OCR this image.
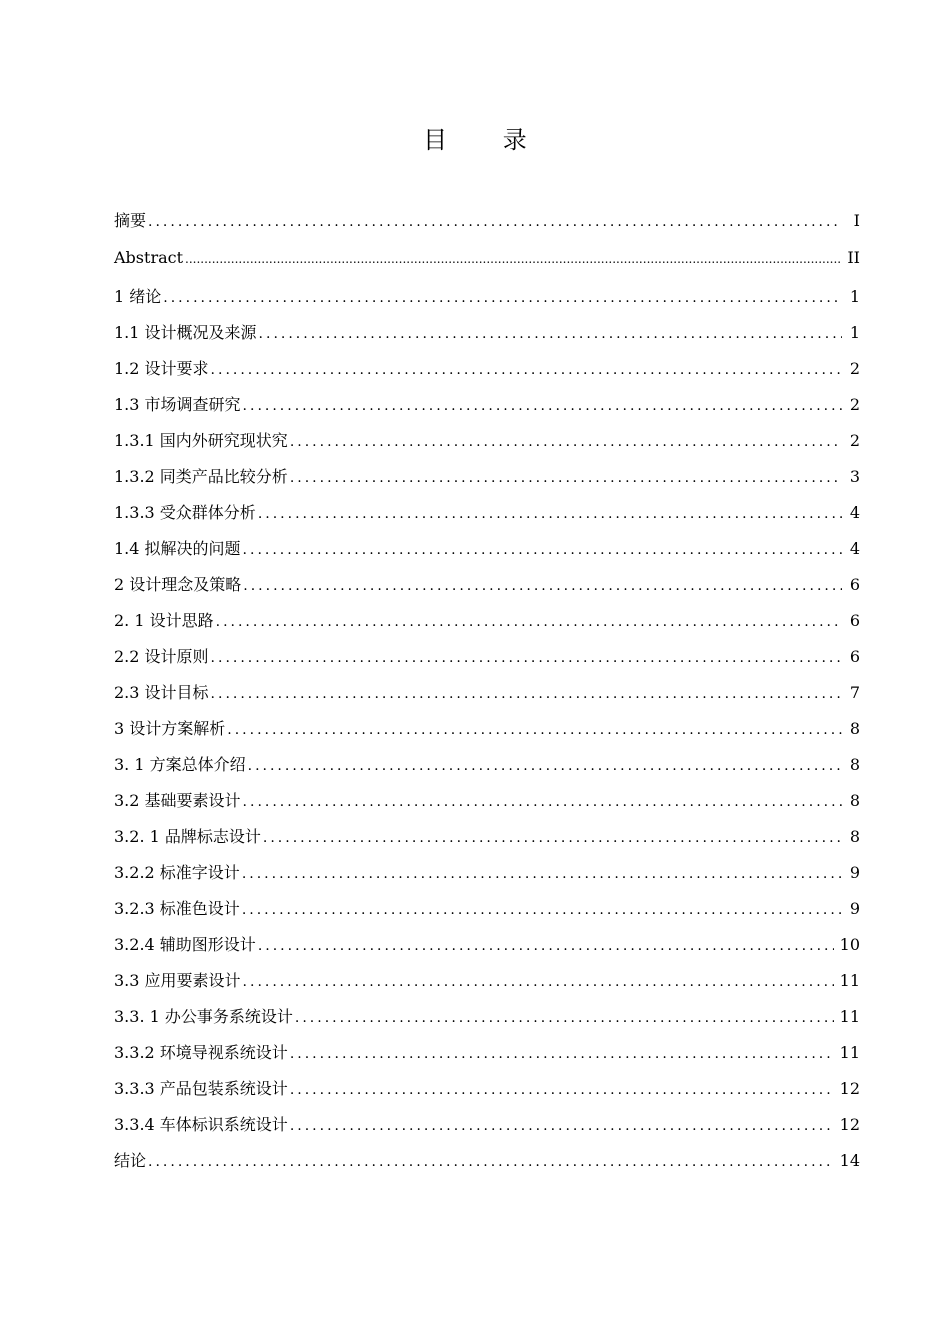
目 录
摘要 .....	I
Abstract .....	II
1 绪论 .....	1
1.1 设计概况及来源 .....	1
1.2 设计要求 .....	2
1.3 市场调查研究 .....	2
1.3.1 国内外研究现状究 .....	2
1.3.2 同类产品比较分析 .....	3
1.3.3 受众群体分析 .....	4
1.4 拟解决的问题 .....	4
2 设计理念及策略 .....	6
2. 1 设计思路 .....	6
2.2 设计原则 .....	6
2.3 设计目标 .....	7
3 设计方案解析 .....	8
3. 1 方案总体介绍 .....	8
3.2 基础要素设计 .....	8
3.2. 1 品牌标志设计 .....	8
3.2.2 标准字设计 .....	9
3.2.3 标准色设计 .....	9
3.2.4 辅助图形设计 .....	10
3.3 应用要素设计 .....	11
3.3. 1 办公事务系统设计 .....	11
3.3.2 环境导视系统设计 .....	11
3.3.3 产品包装系统设计 .....	12
3.3.4 车体标识系统设计 .....	12
结论 .....	14
